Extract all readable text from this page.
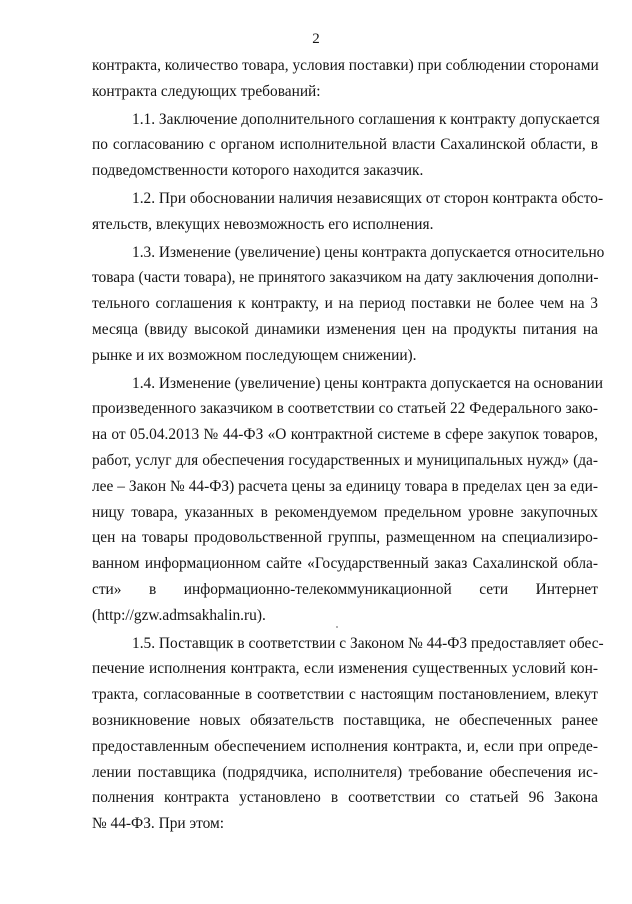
2
контракта, количество товара, условия поставки) при соблюдении сторонами
контракта следующих требований:
1.1. Заключение дополнительного соглашения к контракту допускается
по согласованию с органом исполнительной власти Сахалинской области, в
подведомственности которого находится заказчик.
1.2. При обосновании наличия независящих от сторон контракта обсто-
ятельств, влекущих невозможность его исполнения.
1.3. Изменение (увеличение) цены контракта допускается относительно
товара (части товара), не принятого заказчиком на дату заключения дополни-
тельного соглашения к контракту, и на период поставки не более чем на 3
месяца (ввиду высокой динамики изменения цен на продукты питания на
рынке и их возможном последующем снижении).
1.4. Изменение (увеличение) цены контракта допускается на основании
произведенного заказчиком в соответствии со статьей 22 Федерального зако-
на от 05.04.2013 № 44-ФЗ «О контрактной системе в сфере закупок товаров,
работ, услуг для обеспечения государственных и муниципальных нужд» (да-
лее – Закон № 44-ФЗ) расчета цены за единицу товара в пределах цен за еди-
ницу товара, указанных в рекомендуемом предельном уровне закупочных
цен на товары продовольственной группы, размещенном на специализиро-
ванном информационном сайте «Государственный заказ Сахалинской обла-
сти» в информационно-телекоммуникационной сети Интернет
(http://gzw.admsakhalin.ru).
1.5. Поставщик в соответствии с Законом № 44-ФЗ предоставляет обес-
печение исполнения контракта, если изменения существенных условий кон-
тракта, согласованные в соответствии с настоящим постановлением, влекут
возникновение новых обязательств поставщика, не обеспеченных ранее
предоставленным обеспечением исполнения контракта, и, если при опреде-
лении поставщика (подрядчика, исполнителя) требование обеспечения ис-
полнения контракта установлено в соответствии со статьей 96 Закона
№ 44-ФЗ. При этом:
